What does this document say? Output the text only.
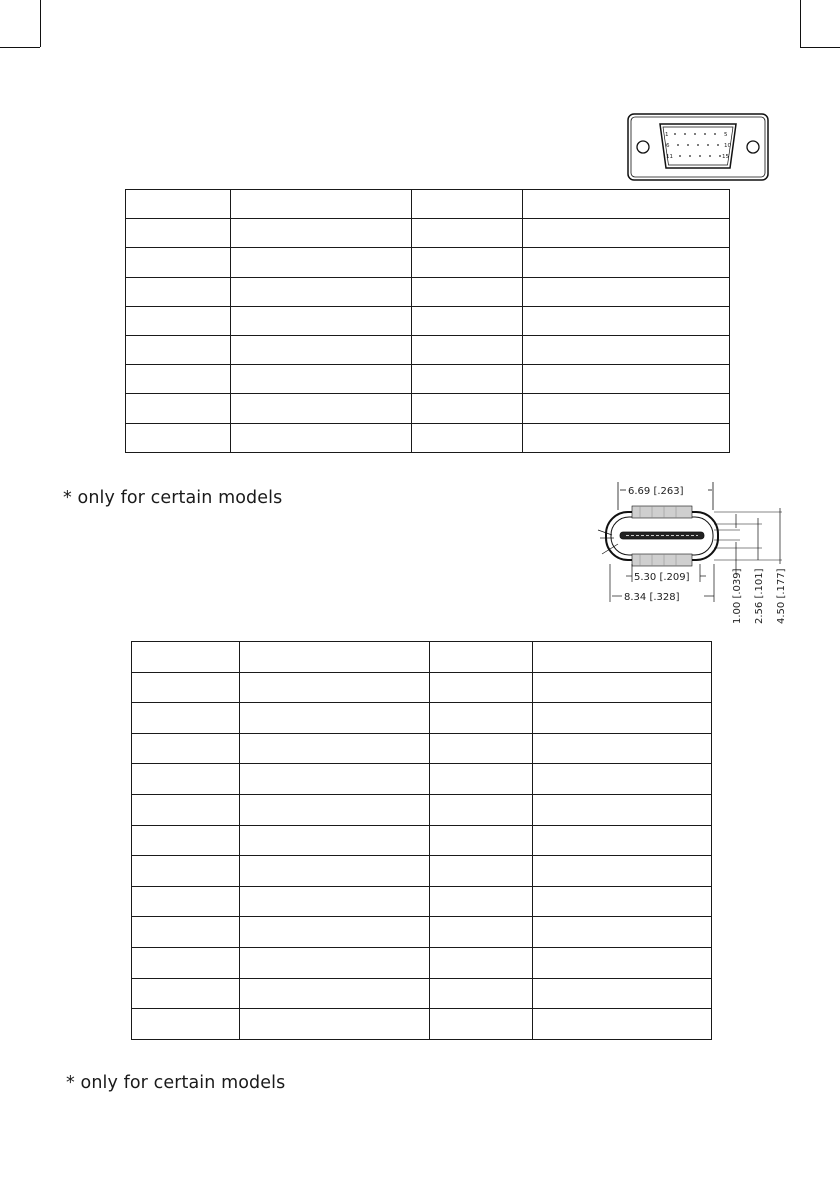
1	5
6	10
11	15

* only for certain models	6.69 [.263]
5.30 [.209]
8.34 [.328]	1.00 [.039] 2.56 [.101] 4.50 [.177]

* only for certain models
